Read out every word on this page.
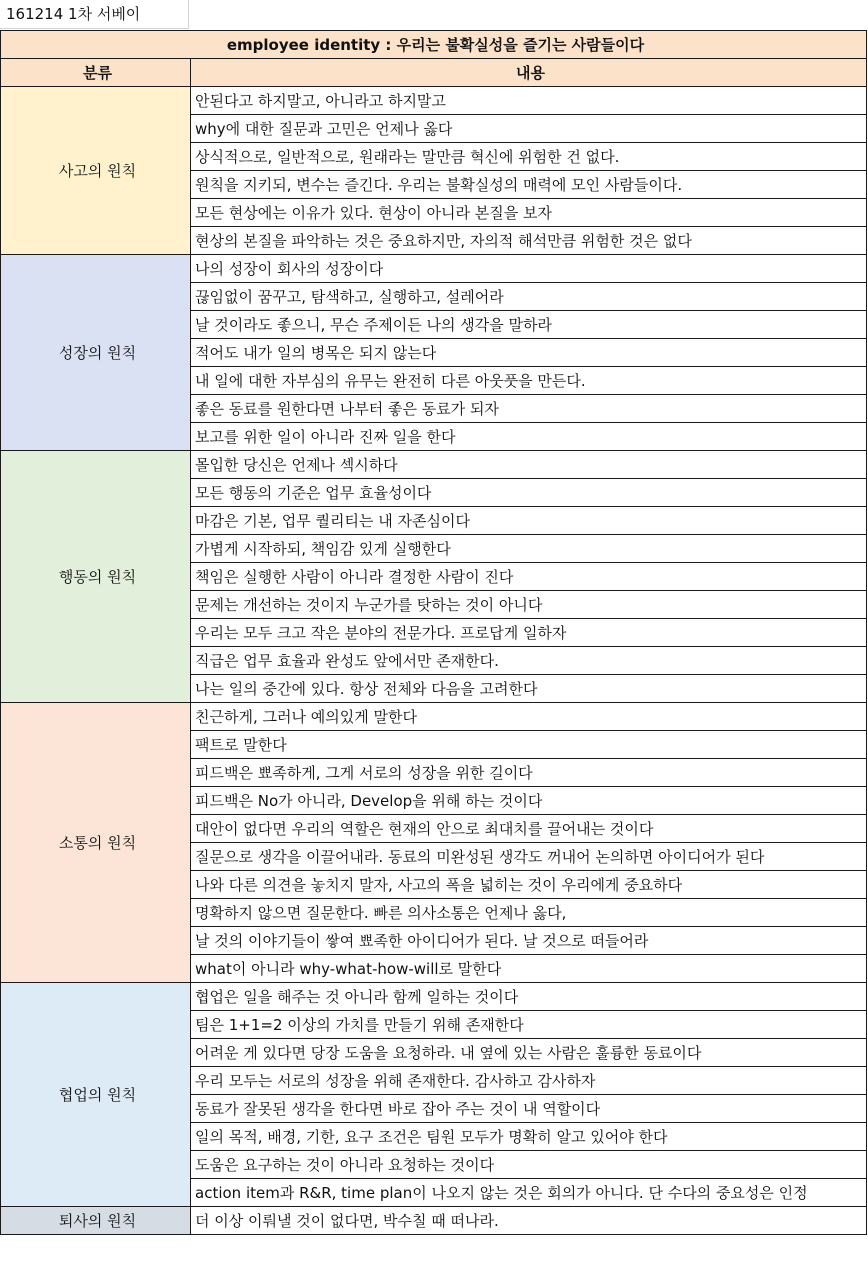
161214 1차 서베이
employee identity : 우리는 불확실성을 즐기는 사람들이다	
분류	내용
사고의 원칙	안된다고 하지말고, 아니라고 하지말고
	why에 대한 질문과 고민은 언제나 옳다
	상식적으로, 일반적으로, 원래라는 말만큼 혁신에 위험한 건 없다.
	원칙을 지키되, 변수는 즐긴다. 우리는 불확실성의 매력에 모인 사람들이다.
	모든 현상에는 이유가 있다. 현상이 아니라 본질을 보자
	현상의 본질을 파악하는 것은 중요하지만, 자의적 해석만큼 위험한 것은 없다
성장의 원칙	나의 성장이 회사의 성장이다
	끊임없이 꿈꾸고, 탐색하고, 실행하고, 설레어라
	날 것이라도 좋으니, 무슨 주제이든 나의 생각을 말하라
	적어도 내가 일의 병목은 되지 않는다
	내 일에 대한 자부심의 유무는 완전히 다른 아웃풋을 만든다.
	좋은 동료를 원한다면 나부터 좋은 동료가 되자
	보고를 위한 일이 아니라 진짜 일을 한다
행동의 원칙	몰입한 당신은 언제나 섹시하다
	모든 행동의 기준은 업무 효율성이다
	마감은 기본, 업무 퀄리티는 내 자존심이다
	가볍게 시작하되, 책임감 있게 실행한다
	책임은 실행한 사람이 아니라 결정한 사람이 진다
	문제는 개선하는 것이지 누군가를 탓하는 것이 아니다
	우리는 모두 크고 작은 분야의 전문가다. 프로답게 일하자
	직급은 업무 효율과 완성도 앞에서만 존재한다.
	나는 일의 중간에 있다. 항상 전체와 다음을 고려한다
소통의 원칙	친근하게, 그러나 예의있게 말한다
	팩트로 말한다
	피드백은 뾰족하게, 그게 서로의 성장을 위한 길이다
	피드백은 No가 아니라, Develop을 위해 하는 것이다
	대안이 없다면 우리의 역할은 현재의 안으로 최대치를 끌어내는 것이다
	질문으로 생각을 이끌어내라. 동료의 미완성된 생각도 꺼내어 논의하면 아이디어가 된다
	나와 다른 의견을 놓치지 말자, 사고의 폭을 넓히는 것이 우리에게 중요하다
	명확하지 않으면 질문한다. 빠른 의사소통은 언제나 옳다,
	날 것의 이야기들이 쌓여 뾰족한 아이디어가 된다. 날 것으로 떠들어라
	what이 아니라 why-what-how-will로 말한다
협업의 원칙	협업은 일을 해주는 것 아니라 함께 일하는 것이다
	팀은 1+1=2 이상의 가치를 만들기 위해 존재한다
	어려운 게 있다면 당장 도움을 요청하라. 내 옆에 있는 사람은 훌륭한 동료이다
	우리 모두는 서로의 성장을 위해 존재한다. 감사하고 감사하자
	동료가 잘못된 생각을 한다면 바로 잡아 주는 것이 내 역할이다
	일의 목적, 배경, 기한, 요구 조건은 팀원 모두가 명확히 알고 있어야 한다
	도움은 요구하는 것이 아니라 요청하는 것이다
	action item과 R&R, time plan이 나오지 않는 것은 회의가 아니다. 단 수다의 중요성은 인정
퇴사의 원칙	더 이상 이뤄낼 것이 없다면, 박수칠 때 떠나라.
